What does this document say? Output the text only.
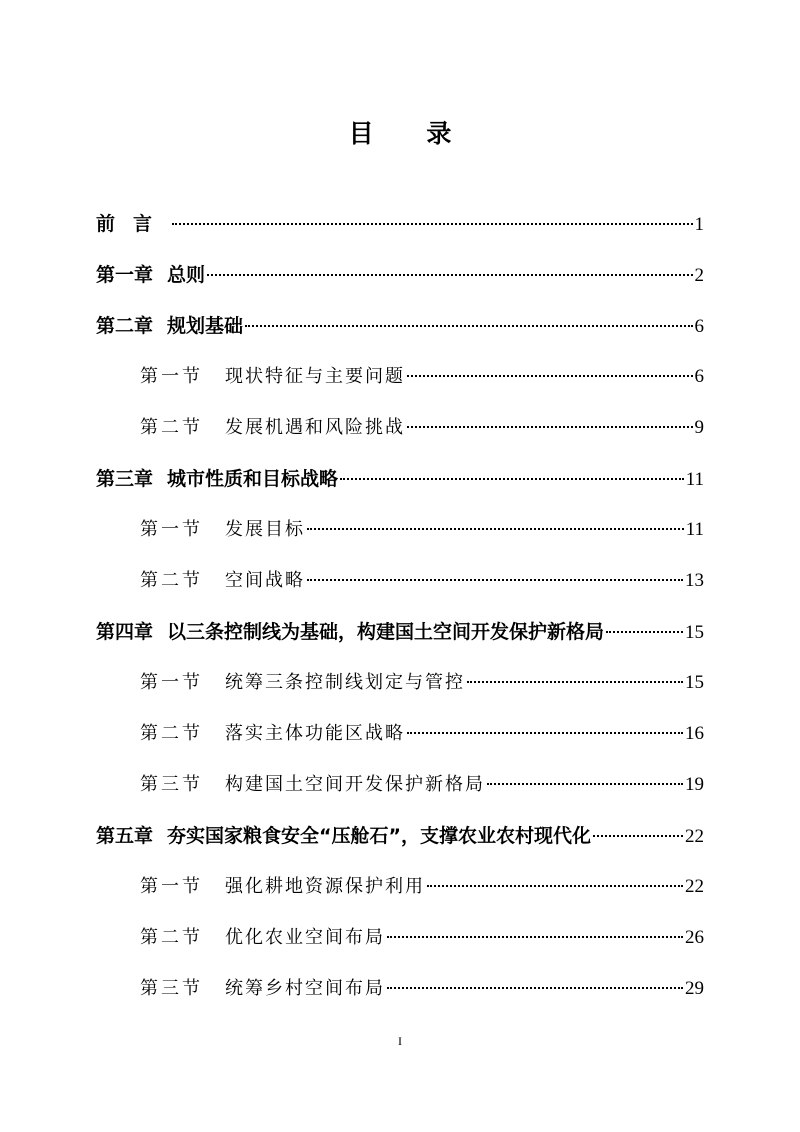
目 录
前言	1
第一章 总则	2
第二章 规划基础	6
第一节 现状特征与主要问题	6
第二节 发展机遇和风险挑战	9
第三章 城市性质和目标战略	11
第一节 发展目标	11
第二节 空间战略	13
第四章 以三条控制线为基础，构建国土空间开发保护新格局	15
第一节 统筹三条控制线划定与管控	15
第二节 落实主体功能区战略	16
第三节 构建国土空间开发保护新格局	19
第五章 夯实国家粮食安全“压舱石”，支撑农业农村现代化	22
第一节 强化耕地资源保护利用	22
第二节 优化农业空间布局	26
第三节 统筹乡村空间布局	29
I
